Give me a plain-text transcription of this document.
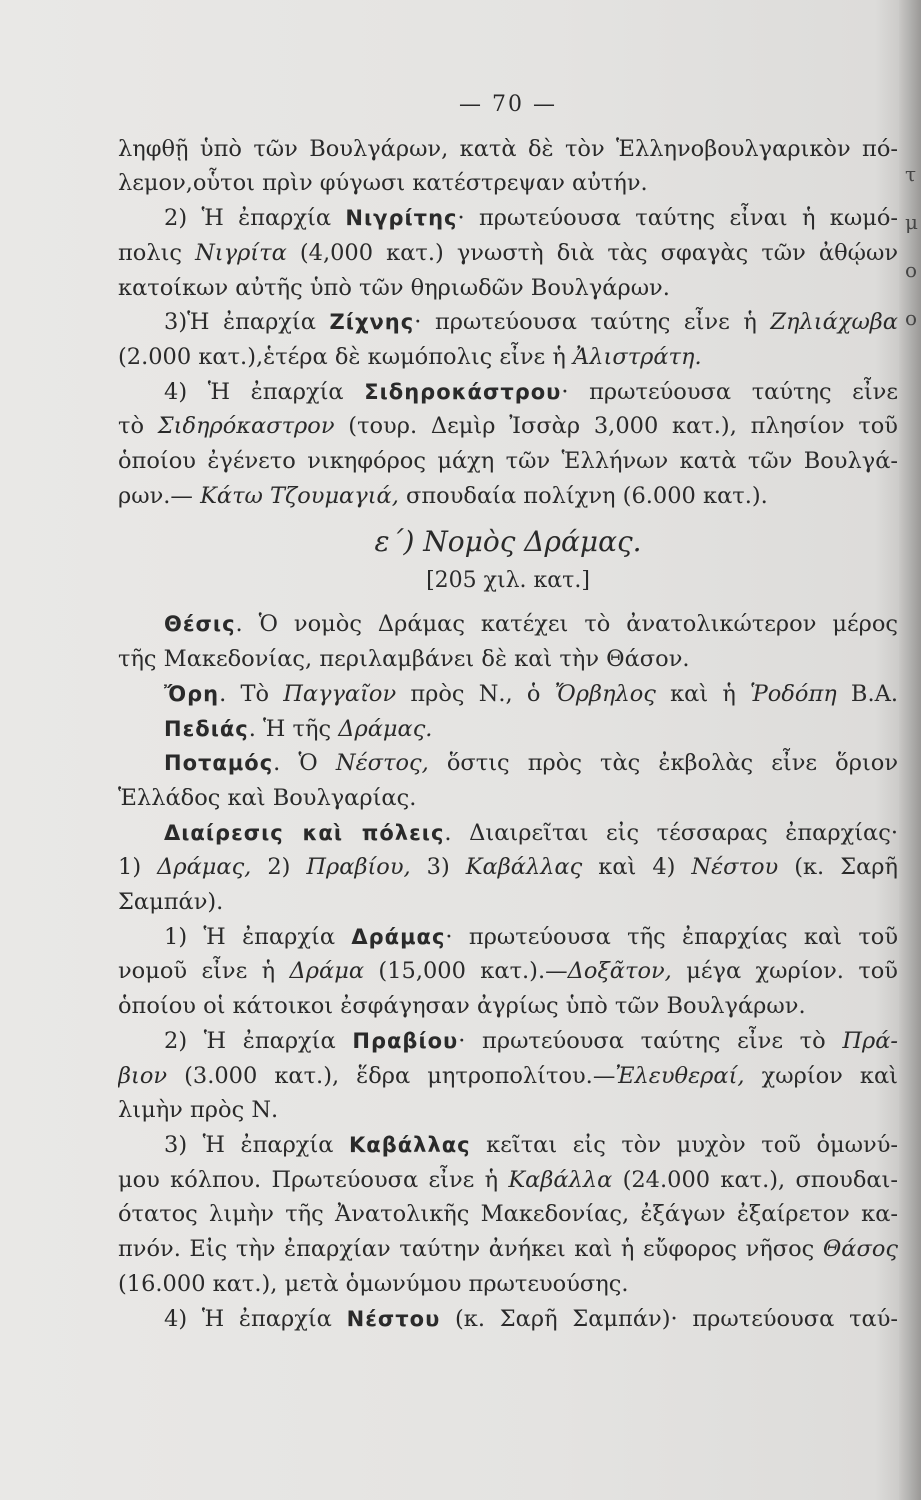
τ μ ο ο
— 70 —
ληφθῇ ὑπὸ τῶν Βουλγάρων, κατὰ δὲ τὸν Ἑλληνοβουλγαρικὸν πό-
λεμον,οὗτοι πρὶν φύγωσι κατέστρεψαν αὐτήν.
2) Ἡ ἐπαρχία Νιγρίτης· πρωτεύουσα ταύτης εἶναι ἡ κωμό-
πολις Νιγρίτα (4,000 κατ.) γνωστὴ διὰ τὰς σφαγὰς τῶν ἀθῴων
κατοίκων αὐτῆς ὑπὸ τῶν θηριωδῶν Βουλγάρων.
3)Ἡ ἐπαρχία Ζίχνης· πρωτεύουσα ταύτης εἶνε ἡ Ζηλιάχωβα
(2.000 κατ.),ἑτέρα δὲ κωμόπολις εἶνε ἡ Ἀλιστράτη.
4) Ἡ ἐπαρχία Σιδηροκάστρου· πρωτεύουσα ταύτης εἶνε
τὸ Σιδηρόκαστρον (τουρ. Δεμὶρ Ἰσσὰρ 3,000 κατ.), πλησίον τοῦ
ὁποίου ἐγένετο νικηφόρος μάχη τῶν Ἑλλήνων κατὰ τῶν Βουλγά-
ρων.— Κάτω Τζουμαγιά, σπουδαία πολίχνη (6.000 κατ.).
ε΄) Νομὸς Δράμας.
[205 χιλ. κατ.]
Θέσις. Ὁ νομὸς Δράμας κατέχει τὸ ἀνατολικώτερον μέρος
τῆς Μακεδονίας, περιλαμβάνει δὲ καὶ τὴν Θάσον.
Ὄρη. Τὸ Παγγαῖον πρὸς Ν., ὁ Ὄρβηλος καὶ ἡ Ῥοδόπη Β.Α.
Πεδιάς. Ἡ τῆς Δράμας.
Ποταμός. Ὁ Νέστος, ὅστις πρὸς τὰς ἐκβολὰς εἶνε ὅριον
Ἑλλάδος καὶ Βουλγαρίας.
Διαίρεσις καὶ πόλεις. Διαιρεῖται εἰς τέσσαρας ἐπαρχίας·
1) Δράμας, 2) Πραβίου, 3) Καβάλλας καὶ 4) Νέστου (κ. Σαρῆ
Σαμπάν).
1) Ἡ ἐπαρχία Δράμας· πρωτεύουσα τῆς ἐπαρχίας καὶ τοῦ
νομοῦ εἶνε ἡ Δράμα (15,000 κατ.).—Δοξᾶτον, μέγα χωρίον. τοῦ
ὁποίου οἱ κάτοικοι ἐσφάγησαν ἀγρίως ὑπὸ τῶν Βουλγάρων.
2) Ἡ ἐπαρχία Πραβίου· πρωτεύουσα ταύτης εἶνε τὸ Πρά-
βιον (3.000 κατ.), ἕδρα μητροπολίτου.—Ἐλευθεραί, χωρίον καὶ
λιμὴν πρὸς Ν.
3) Ἡ ἐπαρχία Καβάλλας κεῖται εἰς τὸν μυχὸν τοῦ ὁμωνύ-
μου κόλπου. Πρωτεύουσα εἶνε ἡ Καβάλλα (24.000 κατ.), σπουδαι-
ότατος λιμὴν τῆς Ἀνατολικῆς Μακεδονίας, ἐξάγων ἐξαίρετον κα-
πνόν. Εἰς τὴν ἐπαρχίαν ταύτην ἀνήκει καὶ ἡ εὔφορος νῆσος Θάσος
(16.000 κατ.), μετὰ ὁμωνύμου πρωτευούσης.
4) Ἡ ἐπαρχία Νέστου (κ. Σαρῆ Σαμπάν)· πρωτεύουσα ταύ-
